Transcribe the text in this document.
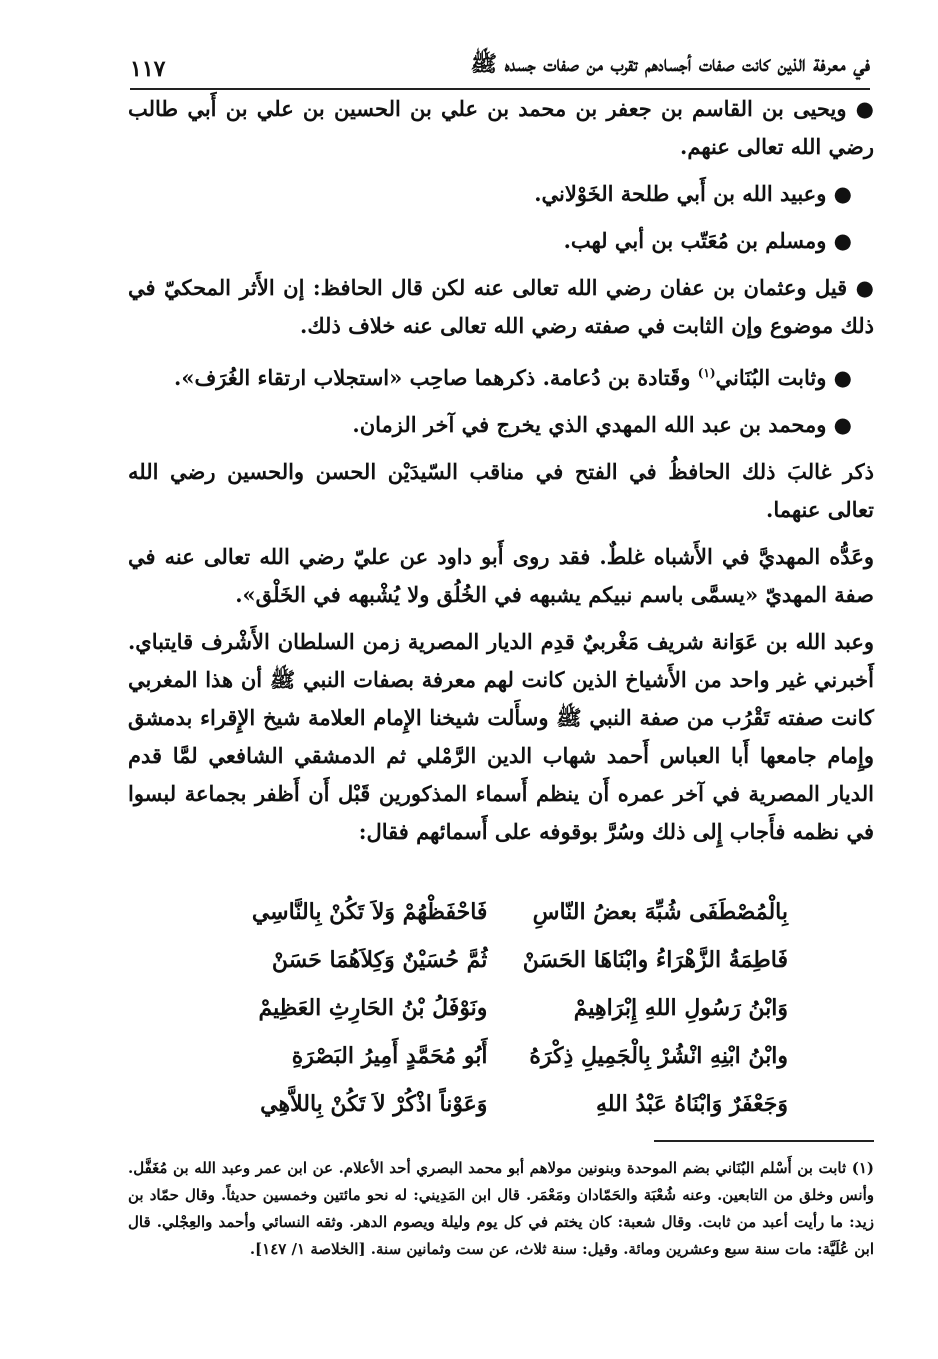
في معرفة الذين كانت صفات أجسادهم تقرب من صفات جسده ﷺ
١١٧

● ويحيى بن القاسم بن جعفر بن محمد بن علي بن الحسين بن علي بن أَبي طالب رضي الله تعالى عنهم.

● وعبيد الله بن أَبي طلحة الخَوْلاني.

● ومسلم بن مُعَتّب بن أبي لهب.

● قيل وعثمان بن عفان رضي الله تعالى عنه لكن قال الحافظ: إن الأَثر المحكيّ في ذلك موضوع وإن الثابت في صفته رضي الله تعالى عنه خلاف ذلك.

● وثابت البُنَاني$^{(١)}$ وقَتادة بن دُعامة. ذكرهما صاحِب «استجلاب ارتقاء الغُرَف».

● ومحمد بن عبد الله المهدي الذي يخرج في آخر الزمان.

ذكر غالبَ ذلك الحافظُ في الفتح في مناقب السّيدَيْن الحسن والحسين رضي الله تعالى عنهما.

وعَدُّه المهديَّ في الأَشباه غلطٌ. فقد روى أَبو داود عن عليّ رضي الله تعالى عنه في صفة المهديّ «يسمَّى باسم نبيكم يشبهه في الخُلُق ولا يُشْبهه في الخَلْق».

وعبد الله بن عَوَانة شريف مَغْربيٌ قدِم الديار المصرية زمن السلطان الأَشْرف قايتباي. أَخبرني غير واحد من الأَشياخ الذين كانت لهم معرفة بصفات النبي ﷺ أن هذا المغربي كانت صفته تَقْرُب من صفة النبي ﷺ وسأَلت شيخنا الإِمام العلامة شيخ الإِقراء بدمشق وإِمام جامعها أَبا العباس أَحمد شهاب الدين الرَّمْلي ثم الدمشقي الشافعي لمَّا قدم الديار المصرية في آخر عمره أَن ينظم أَسماء المذكورين قَبْل أَن أَظفر بجماعة لبسوا في نظمه فأَجاب إِلى ذلك وسُرَّ بوقوفه على أَسمائهم فقال:

بِالْمُصْطَفَى شُبِّهَ بعضُ النّاسِ
فَاحْفَظْهُمْ وَلاَ تَكُنْ بِالنَّاسِي
فَاطِمَةُ الزَّهْرَاءُ وابْنَاهَا الحَسَنْ
ثُمَّ حُسَيْنٌ وَكِلاَهُمَا حَسَنْ
وَابْنُ رَسُولِ اللهِ إِبْرَاهِيمْ
ونَوْفَلُ بْنُ الحَارِثِ العَظِيمْ
وابْنُ ابْنِهِ انْشُرْ بِالْجَمِيلِ ذِكْرَهُ
أَبُو مُحَمَّدٍ أَمِيرُ البَصْرَةِ
وَجَعْفَرٌ وَابْنَاهُ عَبْدُ اللهِ
وَعَوْناً اذْكُرْ لاَ تَكُنْ بِاللاَّهِي
(١) ثابت بن أَسْلم البُنَاني بضم الموحدة وبنونين مولاهم أبو محمد البصري أحد الأعلام. عن ابن عمر وعبد الله بن مُغَفَّل. وأنس وخلق من التابعين. وعنه شُعْبَة والحَمّادان ومَعْمَر. قال ابن المَدِيني: له نحو مائتين وخمسين حديثاً. وقال حمّاد بن زيد: ما رأيت أعبد من ثابت. وقال شعبة: كان يختم في كل يوم وليلة ويصوم الدهر. وثقه النسائي وأحمد والعِجْلي. قال ابن عُلَيَّة: مات سنة سبع وعشرين ومائة. وقيل: سنة ثلاث، عن ست وثمانين سنة. [الخلاصة ١/ ١٤٧].
